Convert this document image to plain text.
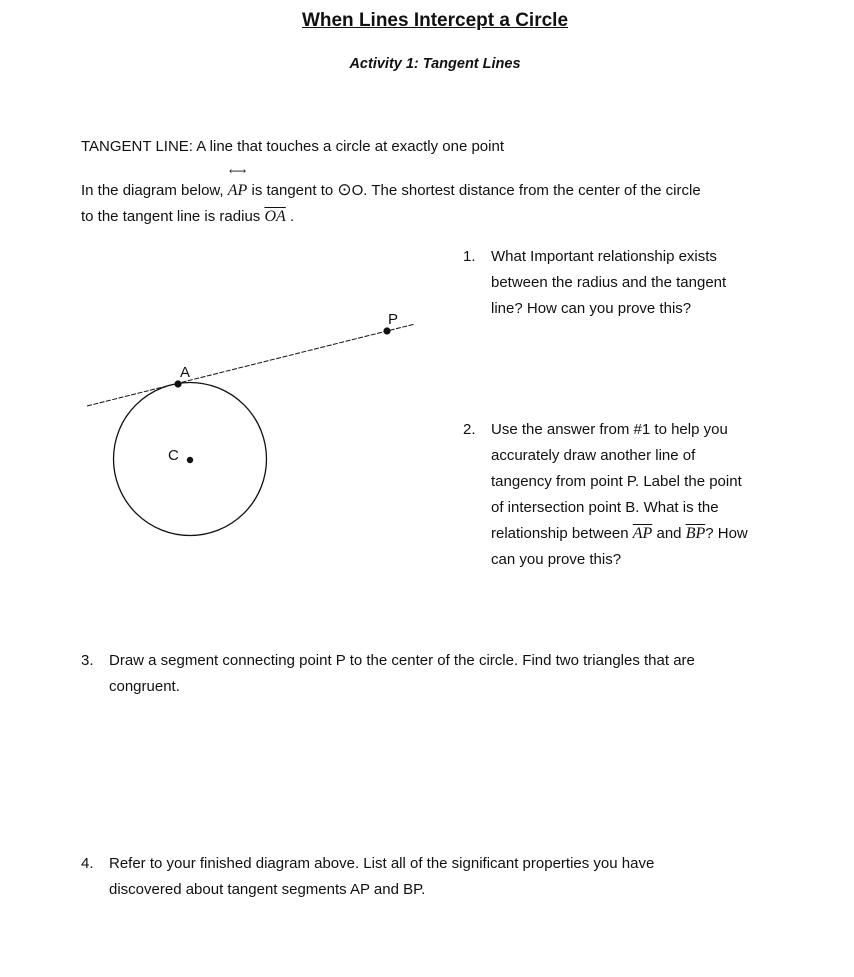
When Lines Intercept a Circle
Activity 1: Tangent Lines
TANGENT LINE: A line that touches a circle at exactly one point
In the diagram below, ⟷ AP is tangent to ⊙O. The shortest distance from the center of the circle
to the tangent line is radius $\overline{OA}$ .
P
A
C
1. What Important relationship exists
between the radius and the tangent
line? How can you prove this?
2. Use the answer from #1 to help you
accurately draw another line of
tangency from point P. Label the point
of intersection point B. What is the
relationship between $\overline{AP}$ and $\overline{BP}$? How
can you prove this?
3. Draw a segment connecting point P to the center of the circle. Find two triangles that are
congruent.
4. Refer to your finished diagram above. List all of the significant properties you have
discovered about tangent segments AP and BP.
